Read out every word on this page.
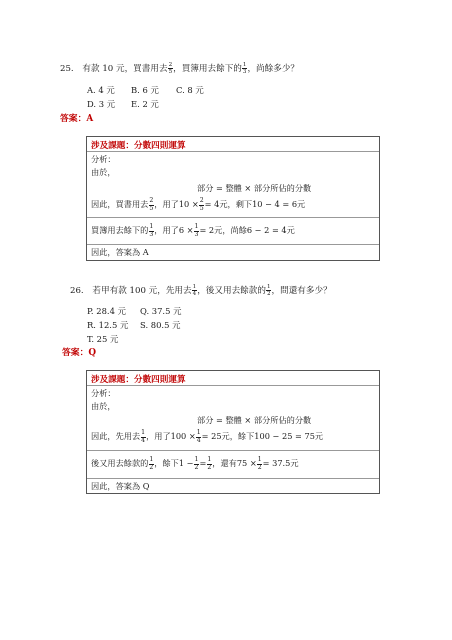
25. 有款 10 元，買書用去 $\frac{2}{5}$ ，買簿用去餘下的 $\frac{1}{3}$ ，尚餘多少？
A. 4 元 B. 6 元 C. 8 元
D. 3 元 E. 2 元
答案：A
涉及課題：分數四則運算
分析：
由於，
部分 = 整體 × 部分所佔的分數
因此，買書用去 $\frac{2}{5}$ ，用了$10 \times \frac{2}{5} = 4$元，剩下10 − 4 = 6元
買簿用去餘下的 $\frac{1}{3}$ ，用了$6 \times \frac{1}{3} = 2$元，尚餘6 − 2 = 4元
因此，答案為 A
26. 若甲有款 100 元，先用去 $\frac{1}{4}$ ，後又用去餘款的 $\frac{1}{2}$ ，問還有多少？
P. 28.4 元 Q. 37.5 元
R. 12.5 元 S. 80.5 元
T. 25 元
答案：Q
涉及課題：分數四則運算
分析：
由於，
部分 = 整體 × 部分所佔的分數
因此，先用去 $\frac{1}{4}$ ，用了$100 \times \frac{1}{4} = 25$元，餘下100 − 25 = 75元
後又用去餘款的 $\frac{1}{2}$ ，餘下$1 - \frac{1}{2} = \frac{1}{2}$ ，還有$75 \times \frac{1}{2} = 37.5$元
因此，答案為 Q
